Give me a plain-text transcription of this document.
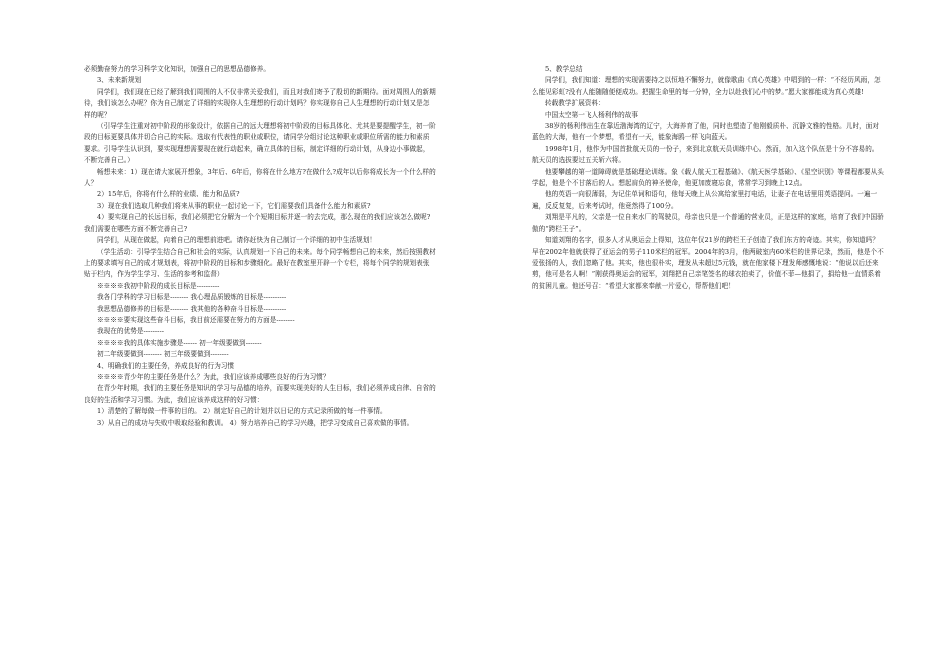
必须勤奋努力的学习科学文化知识，加强自己的思想品德修养。

3、未来新规划

同学们，我们现在已经了解到我们周围的人不仅非常关爱我们，而且对我们寄予了殷切的新期待。面对周围人的新期待，我们该怎么办呢？你为自己制定了详细的实现你人生理想的行动计划吗？你实现你自己人生理想的行动计划又是怎样的呢？

（引导学生注重对初中阶段的形象设计，依据自己的远大理想将初中阶段的目标具体化、尤其是要提醒学生，初一阶段的目标更要具体并切合自己的实际。选取有代表性的职业或职位，请同学分组讨论这种职业或职位所需的能力和素质要求。引导学生认识到，要实现理想需要现在就行动起来，确立具体的目标，制定详细的行动计划，从身边小事做起，不断完善自己。）

畅想未来：1）现在请大家展开想象，3年后、6年后，你将在什么地方?在做什么?成年以后你将成长为一个什么样的人？

2）15年后，你将有什么样的业绩、能力和品质?

3）现在我们选取几种我们将来从事的职业一起讨论一下，它们需要我们具备什么能力和素质?

4）要实现自己的长远目标，我们必须把它分解为一个个短期目标并逐一的去完成，那么现在的我们应该怎么做呢?我们需要在哪些方面不断完善自己?

同学们，从现在做起，向着自己的理想前进吧。请你赶快为自己制订一个详细的初中生活规划！

（学生活动：引导学生结合自己和社会的实际，认真规划一下自己的未来。每个同学畅想自己的未来，然后按照教材上的要求填写自己的成才规划表，将初中阶段的目标和步骤细化。最好在教室里开辟一个专栏，将每个同学的规划表张贴于栏内，作为学生学习、生活的参考和监督）

※※※※我初中阶段的成长目标是----------

我各门学科的学习目标是-------- 我心理品质锻炼的目标是----------

我思想品德修养的目标是-------- 我其他的各种奋斗目标是----------

※※※※要实现这些奋斗目标，我目前还需要在努力的方面是--------

我现在的优势是---------

※※※※我的具体实施步骤是------ 初一年级要做到-------

初二年级要做到-------- 初三年级要做到--------

4、明确我们的主要任务，养成良好的行为习惯

※※※※青少年的主要任务是什么？为此，我们应该养成哪些良好的行为习惯？

在青少年时期，我们的主要任务是知识的学习与品德的培养，而要实现美好的人生目标，我们必须养成自律、自省的良好的生活和学习习惯。为此，我们应该养成这样的好习惯：

1）清楚的了解每做一件事的目的。 2）制定好自己的计划并以日记的方式记录所做的每一件事情。

3）从自己的成功与失败中吸取经验和教训。 4）努力培养自己的学习兴趣，把学习变成自己喜欢做的事情。

5、教学总结

同学们，我们知道：理想的实现需要持之以恒地不懈努力，就像歌曲《真心英雄》中唱到的一样：“不经历风雨，怎么能见彩虹?没有人能随随便便成功。把握生命里的每一分钟，全力以赴我们心中的梦。”愿大家都能成为真心英雄!

转载教学扩展资料：

中国太空第一飞人杨利伟的故事

38岁的杨利伟出生在靠近渤海湾的辽宁，大海养育了他，同时也塑造了他刚毅质朴、沉静文雅的性格。儿时，面对蓝色的大海，他有一个梦想，希望有一天，能象海鸥一样飞向蓝天。

1998年1月，他作为中国首批航天员的一份子，来到北京航天员训练中心。然而，加入这个队伍是十分不容易的。航天员的选拔要过五关斩六将。

他要攀越的第一道障碍就是基础理论训练。象《载人航天工程基础》、《航天医学基础》、《星空识别》等课程都要从头学起，他是个不甘落后的人。想起肩负的神圣使命，他更加废寝忘食，常常学习到晚上12点。

他的英语一向很薄弱，为记住单词和语句，他每天晚上从公寓给家里打电话，让妻子在电话里用英语提问。一遍一遍，反反复复，后来考试时，他竟然得了100分。

刘翔是平凡的，父亲是一位自来水厂的驾驶员，母亲也只是一个普通的营业员，正是这样的家庭，培育了我们中国骄傲的“跨栏王子”。

知道刘翔的名字，很多人才从奥运会上得知，这位年仅21岁的跨栏王子创造了我们东方的奇迹。其实，你知道吗？早在2002年他就获得了亚运会的男子110米栏的冠军。2004年的3月，他两破室内60米栏的世界记录，然而，他是个不爱张扬的人，我们忽略了他。其实，他也很朴实，理发从未超过5元钱，就在他家楼下理发师感慨地说：“他说以后还来剪，他可是名人啊！”刚获得奥运会的冠军，刘翔把自己亲笔签名的球衣拍卖了，价值不菲—他捐了，捐给他一直情系着的贫困儿童。他还号召：“希望大家都来奉献一片爱心，帮帮他们吧！
